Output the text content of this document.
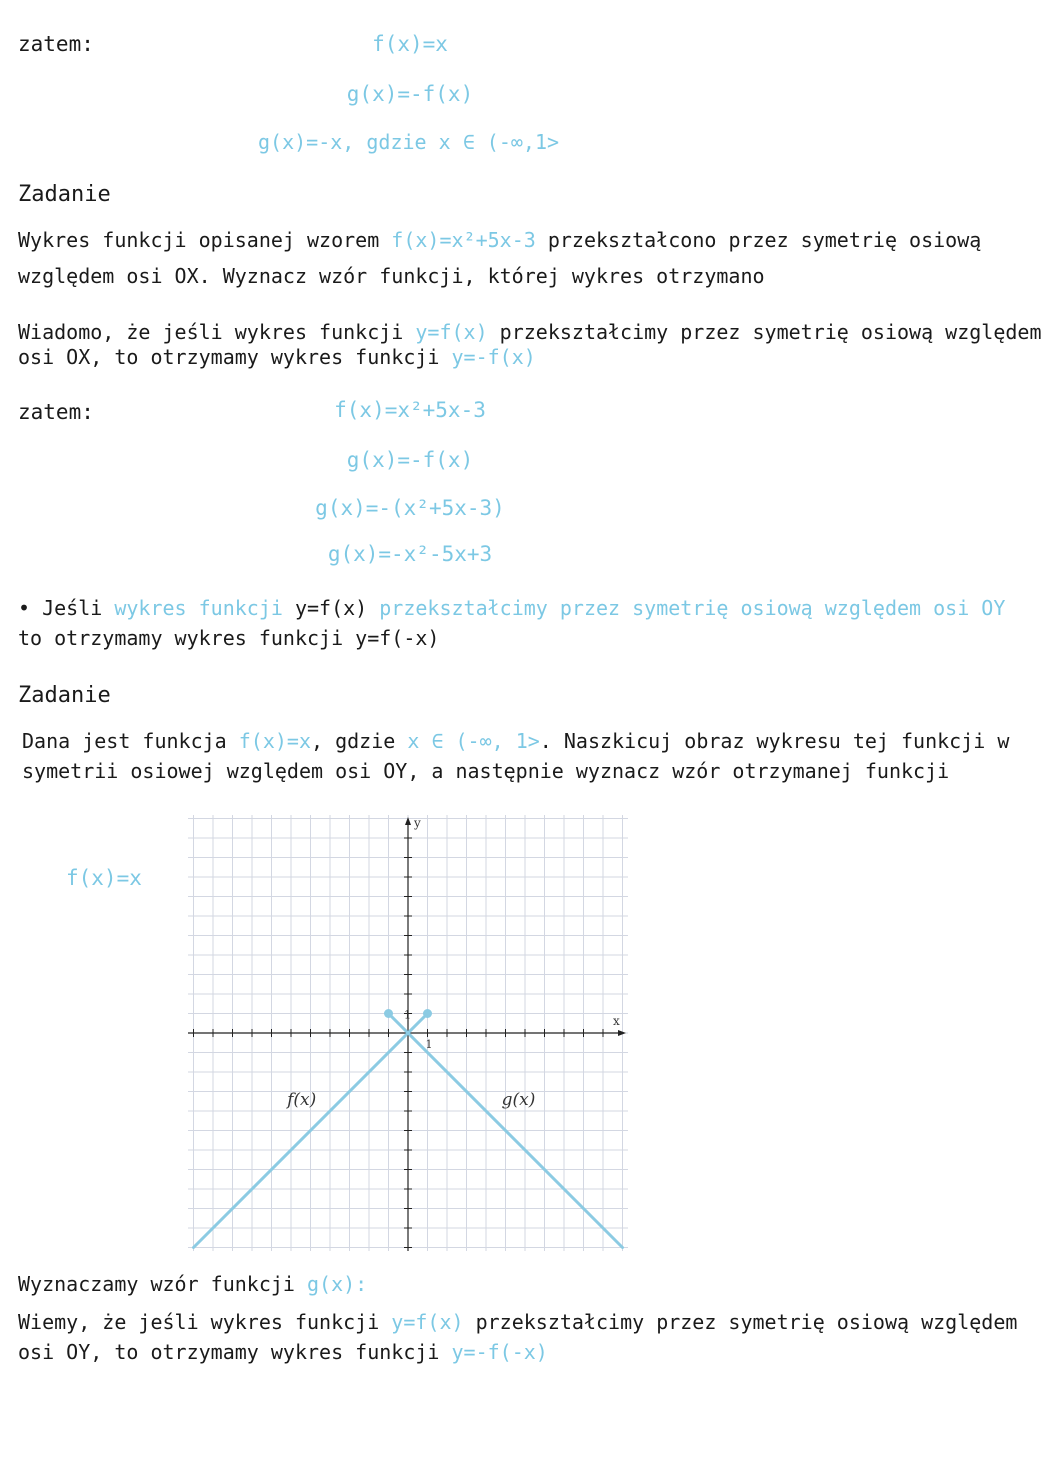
zatem:	f(x)=x
g(x)=-f(x)
g(x)=-x, gdzie x ∈ (-∞,1>
Zadanie
Wykres funkcji opisanej wzorem f(x)=x²+5x-3 przekształcono przez symetrię osiową
względem osi OX. Wyznacz wzór funkcji, której wykres otrzymano
Wiadomo, że jeśli wykres funkcji y=f(x) przekształcimy przez symetrię osiową względem
osi OX, to otrzymamy wykres funkcji y=-f(x)
zatem:	f(x)=x²+5x-3
g(x)=-f(x)
g(x)=-(x²+5x-3)
g(x)=-x²-5x+3
• Jeśli wykres funkcji y=f(x) przekształcimy przez symetrię osiową względem osi OY
to otrzymamy wykres funkcji y=f(-x)
Zadanie
Dana jest funkcja f(x)=x, gdzie x ∈ (-∞, 1>. Naszkicuj obraz wykresu tej funkcji w
symetrii osiowej względem osi OY, a następnie wyznacz wzór otrzymanej funkcji
f(x)=x
x
y
1
1
f(x)	g(x)
Wyznaczamy wzór funkcji g(x):
Wiemy, że jeśli wykres funkcji y=f(x) przekształcimy przez symetrię osiową względem
osi OY, to otrzymamy wykres funkcji y=-f(-x)
